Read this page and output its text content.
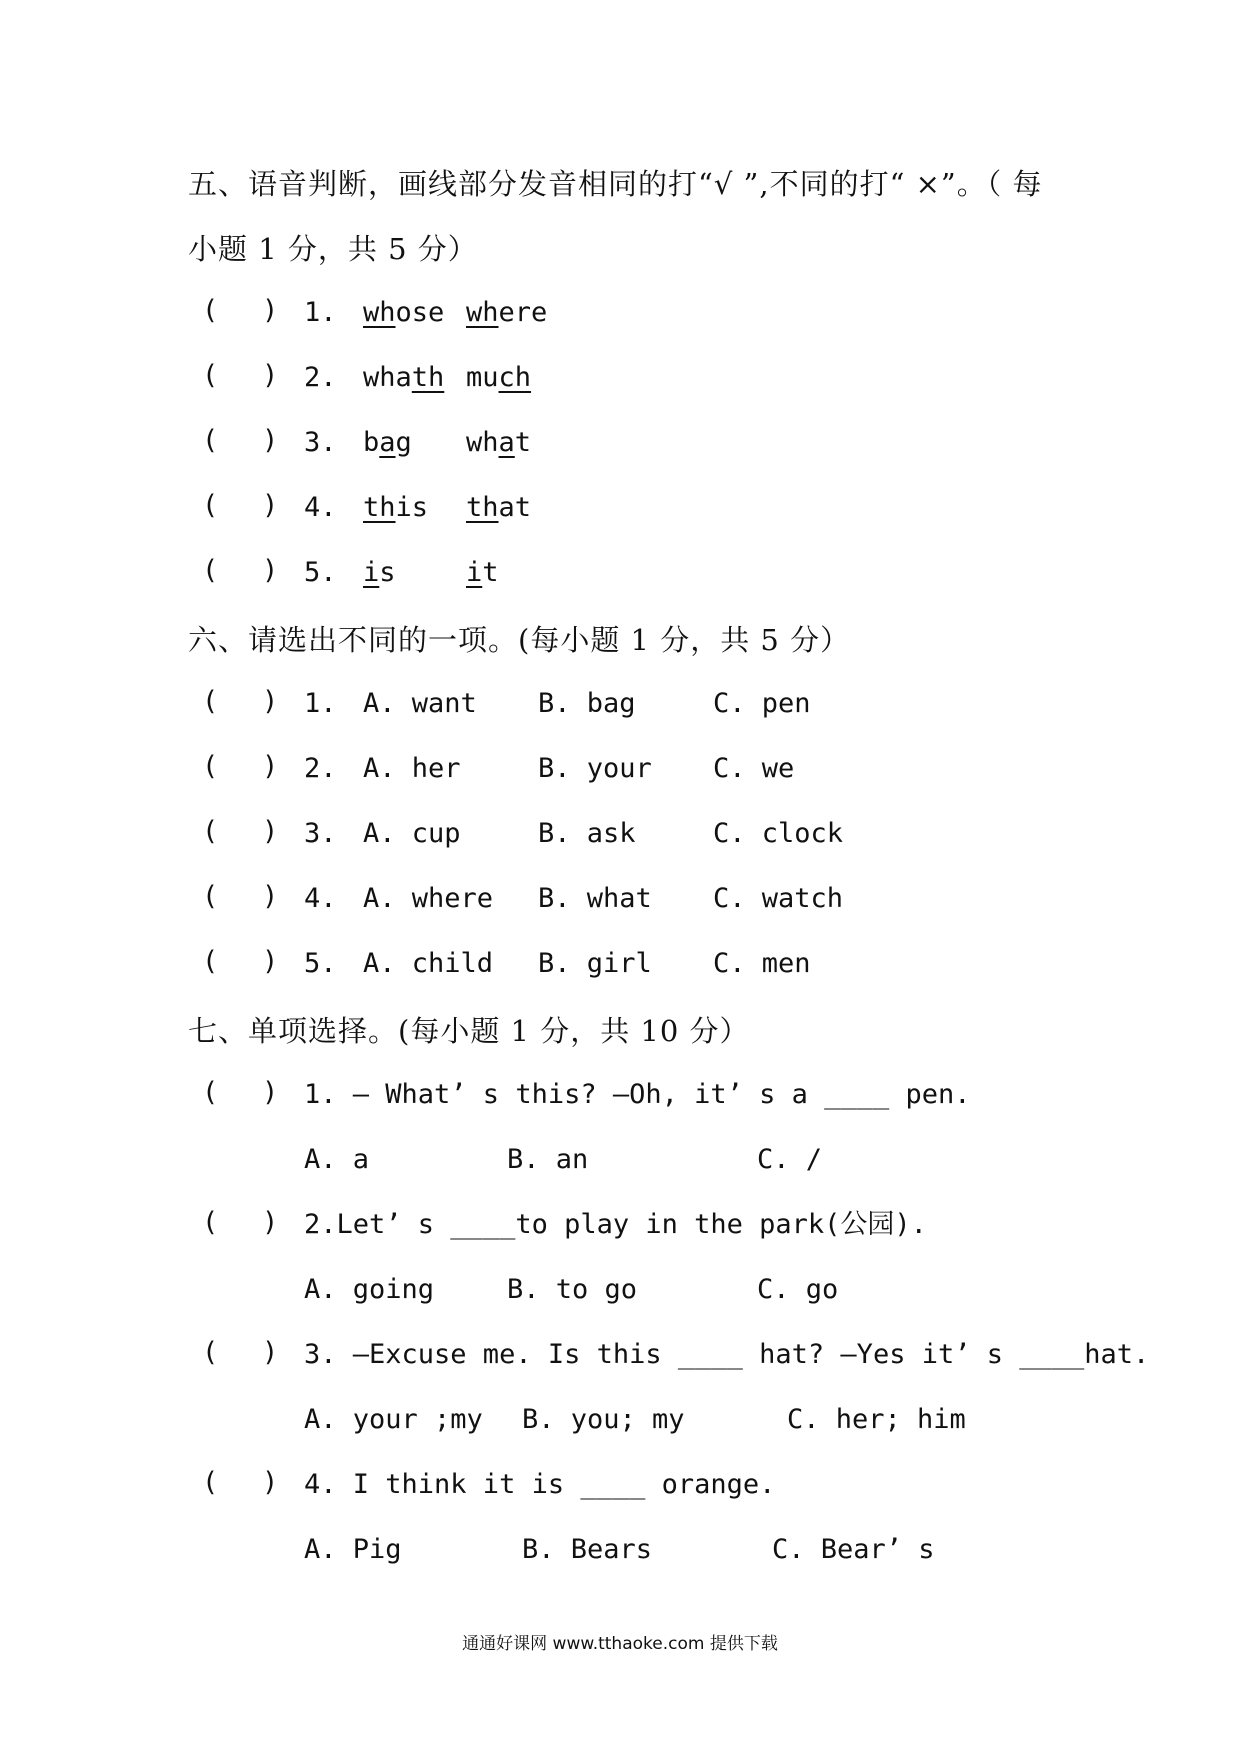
五、语音判断，画线部分发音相同的打“√ ”,不同的打“ ×”。（ 每
小题 1 分，共 5 分）
( ) 1. whose where
( ) 2. whath much
( ) 3. bag what
( ) 4. this that
( ) 5. is	it
六、请选出不同的一项。(每小题 1 分，共 5 分）
( ) 1. A. want B. bag	C. pen
( ) 2. A. her	B. your C. we
( ) 3. A. cup	B. ask	C. clock
( ) 4. A. where B. what C. watch
( ) 5. A. child B. girl C. men
七、单项选择。(每小题 1 分，共 10 分）
( ) 1. — What’ s this? —Oh, it’ s a ____ pen.
A. a	B. an	C. /
( ) 2.Let’ s ____to play in the park(公园).
A. going	B. to go	C. go
( ) 3. —Excuse me. Is this ____ hat? —Yes it’ s ____hat.
A. your ;my B. you; my	C. her; him
( ) 4. I think it is ____ orange.
A. Pig	B. Bears	C. Bear’ s
通通好课网 www.tthaoke.com 提供下载
